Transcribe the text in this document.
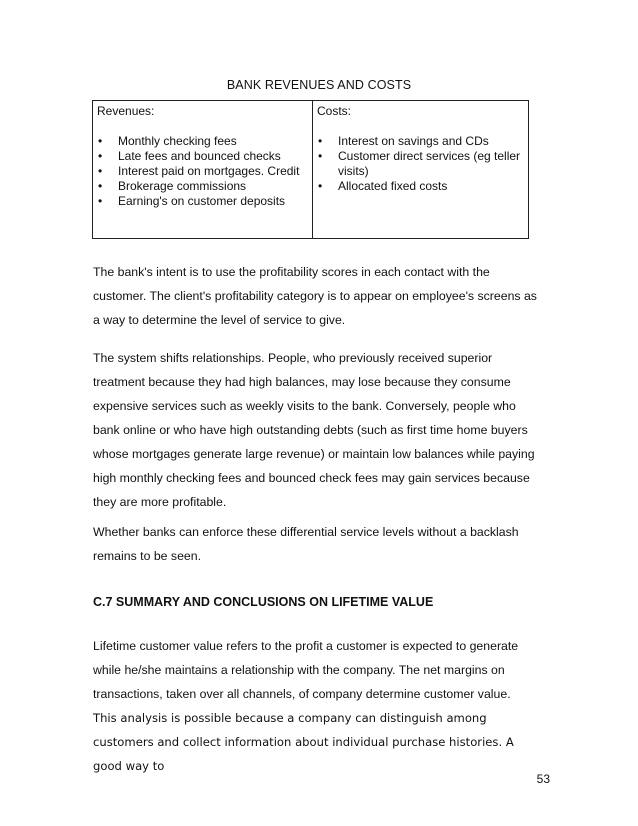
BANK REVENUES AND COSTS
Revenues:
• Monthly checking fees
• Late fees and bounced checks
• Interest paid on mortgages. Credit
• Brokerage commissions
• Earning's on customer deposits
Costs:
• Interest on savings and CDs
• Customer direct services (eg teller visits)
• Allocated fixed costs

The bank's intent is to use the profitability scores in each contact with the customer. The client's profitability category is to appear on employee's screens as a way to determine the level of service to give.

The system shifts relationships. People, who previously received superior treatment because they had high balances, may lose because they consume expensive services such as weekly visits to the bank. Conversely, people who bank online or who have high outstanding debts (such as first time home buyers whose mortgages generate large revenue) or maintain low balances while paying high monthly checking fees and bounced check fees may gain services because they are more profitable.

Whether banks can enforce these differential service levels without a backlash remains to be seen.

C.7 SUMMARY AND CONCLUSIONS ON LIFETIME VALUE

Lifetime customer value refers to the profit a customer is expected to generate while he/she maintains a relationship with the company. The net margins on transactions, taken over all channels, of company determine customer value.

This analysis is possible because a company can distinguish among customers and collect information about individual purchase histories. A good way to

53
